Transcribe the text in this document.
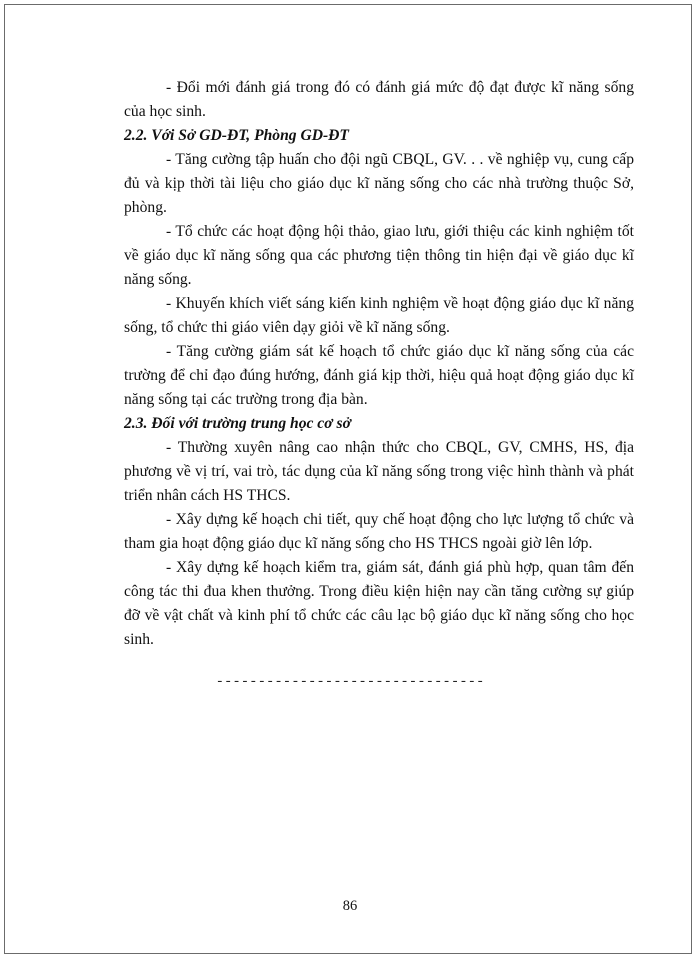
- Đổi mới đánh giá trong đó có đánh giá mức độ đạt được kĩ năng sống của học sinh.

2.2. Với Sở GD-ĐT, Phòng GD-ĐT

- Tăng cường tập huấn cho đội ngũ CBQL, GV. . . về nghiệp vụ, cung cấp đủ và kịp thời tài liệu cho giáo dục kĩ năng sống cho các nhà trường thuộc Sở, phòng.

- Tổ chức các hoạt động hội thảo, giao lưu, giới thiệu các kinh nghiệm tốt về giáo dục kĩ năng sống qua các phương tiện thông tin hiện đại về giáo dục kĩ năng sống.

- Khuyến khích viết sáng kiến kinh nghiệm về hoạt động giáo dục kĩ năng sống, tổ chức thi giáo viên dạy giỏi về kĩ năng sống.

- Tăng cường giám sát kế hoạch tổ chức giáo dục kĩ năng sống của các trường để chỉ đạo đúng hướng, đánh giá kịp thời, hiệu quả hoạt động giáo dục kĩ năng sống tại các trường trong địa bàn.

2.3. Đối với trường trung học cơ sở

- Thường xuyên nâng cao nhận thức cho CBQL, GV, CMHS, HS, địa phương về vị trí, vai trò, tác dụng của kĩ năng sống trong việc hình thành và phát triển nhân cách HS THCS.

- Xây dựng kế hoạch chi tiết, quy chế hoạt động cho lực lượng tổ chức và tham gia hoạt động giáo dục kĩ năng sống cho HS THCS ngoài giờ lên lớp.

- Xây dựng kế hoạch kiểm tra, giám sát, đánh giá phù hợp, quan tâm đến công tác thi đua khen thưởng. Trong điều kiện hiện nay cần tăng cường sự giúp đỡ về vật chất và kinh phí tổ chức các câu lạc bộ giáo dục kĩ năng sống cho học sinh.

--------------------------------
86
